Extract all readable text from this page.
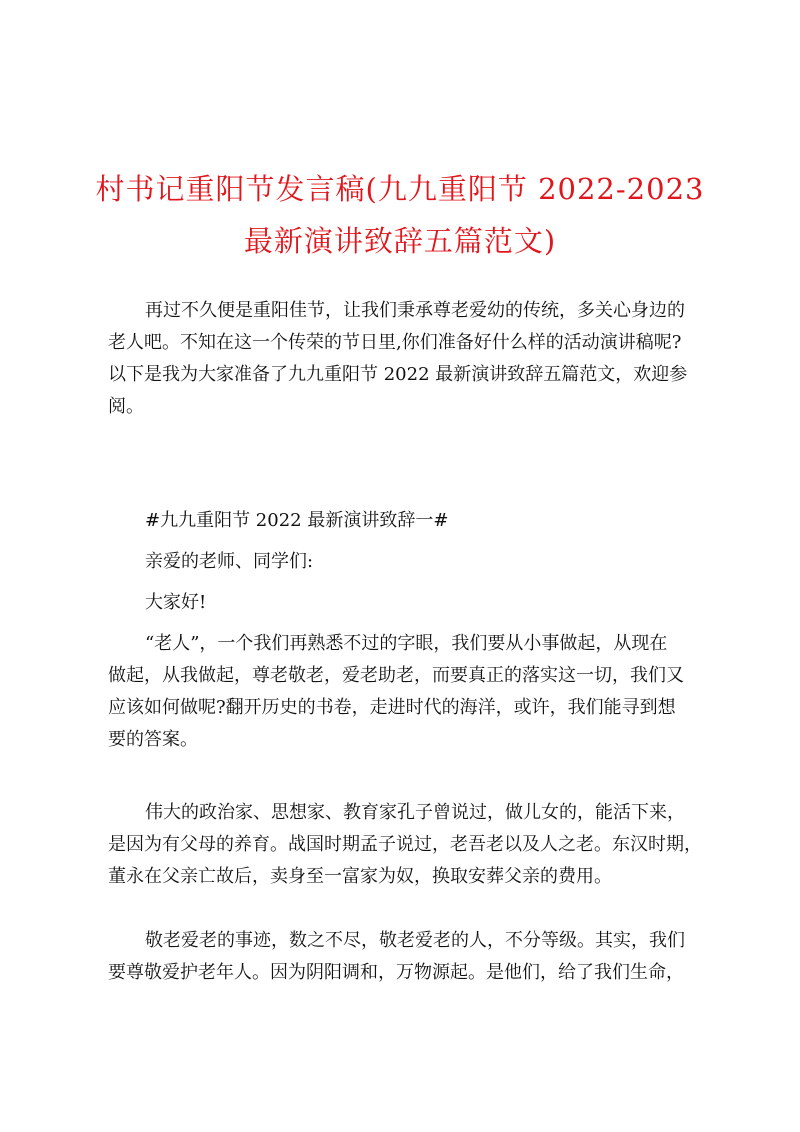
村书记重阳节发言稿(九九重阳节 2022-2023
最新演讲致辞五篇范文)
再过不久便是重阳佳节，让我们秉承尊老爱幼的传统，多关心身边的
老人吧。不知在这一个传荣的节日里,你们准备好什么样的活动演讲稿呢?
以下是我为大家准备了九九重阳节 2022 最新演讲致辞五篇范文，欢迎参
阅。
#九九重阳节 2022 最新演讲致辞一#
亲爱的老师、同学们:
大家好!
“老人”，一个我们再熟悉不过的字眼，我们要从小事做起，从现在
做起，从我做起，尊老敬老，爱老助老，而要真正的落实这一切，我们又
应该如何做呢?翻开历史的书卷，走进时代的海洋，或许，我们能寻到想
要的答案。
伟大的政治家、思想家、教育家孔子曾说过，做儿女的，能活下来，
是因为有父母的养育。战国时期孟子说过，老吾老以及人之老。东汉时期，
董永在父亲亡故后，卖身至一富家为奴，换取安葬父亲的费用。
敬老爱老的事迹，数之不尽，敬老爱老的人，不分等级。其实，我们
要尊敬爱护老年人。因为阴阳调和，万物源起。是他们，给了我们生命，
